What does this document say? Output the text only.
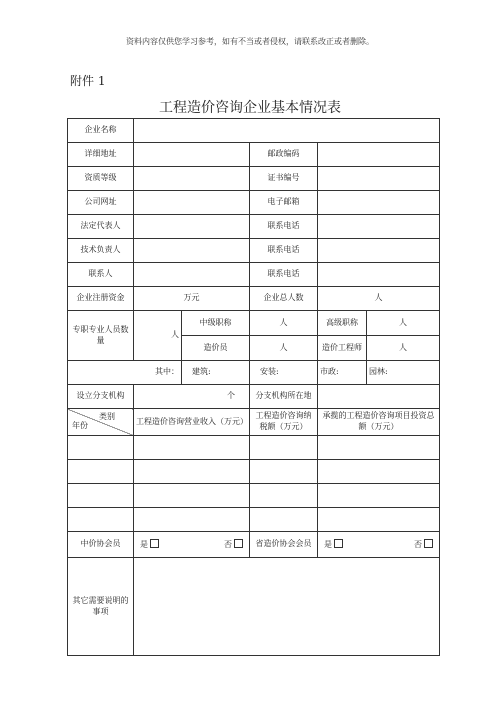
资料内容仅供您学习参考，如有不当或者侵权，请联系改正或者删除。
附件 1
工程造价咨询企业基本情况表
企业名称					
详细地址			邮政编码		
资质等级			证书编号		
公司网址			电子邮箱		
法定代表人			联系电话		
技术负责人			联系电话		
联系人			联系电话		
企业注册资金	万元		企业总人数	人	
专职专业人员数量	人	中级职称	人	高级职称	人
		造价员	人	造价工程师	人
其中：		建筑:	安装:	市政:	园林:
设立分支机构	个		分支机构所在地		

类别
年份	工程造价咨询营业收入（万元）		工程造价咨询纳税额（万元）	承揽的工程造价咨询项目投资总额（万元）	

中价协会员	是 否		省造价协会会员	是 否	

其它需要说明的事项					
